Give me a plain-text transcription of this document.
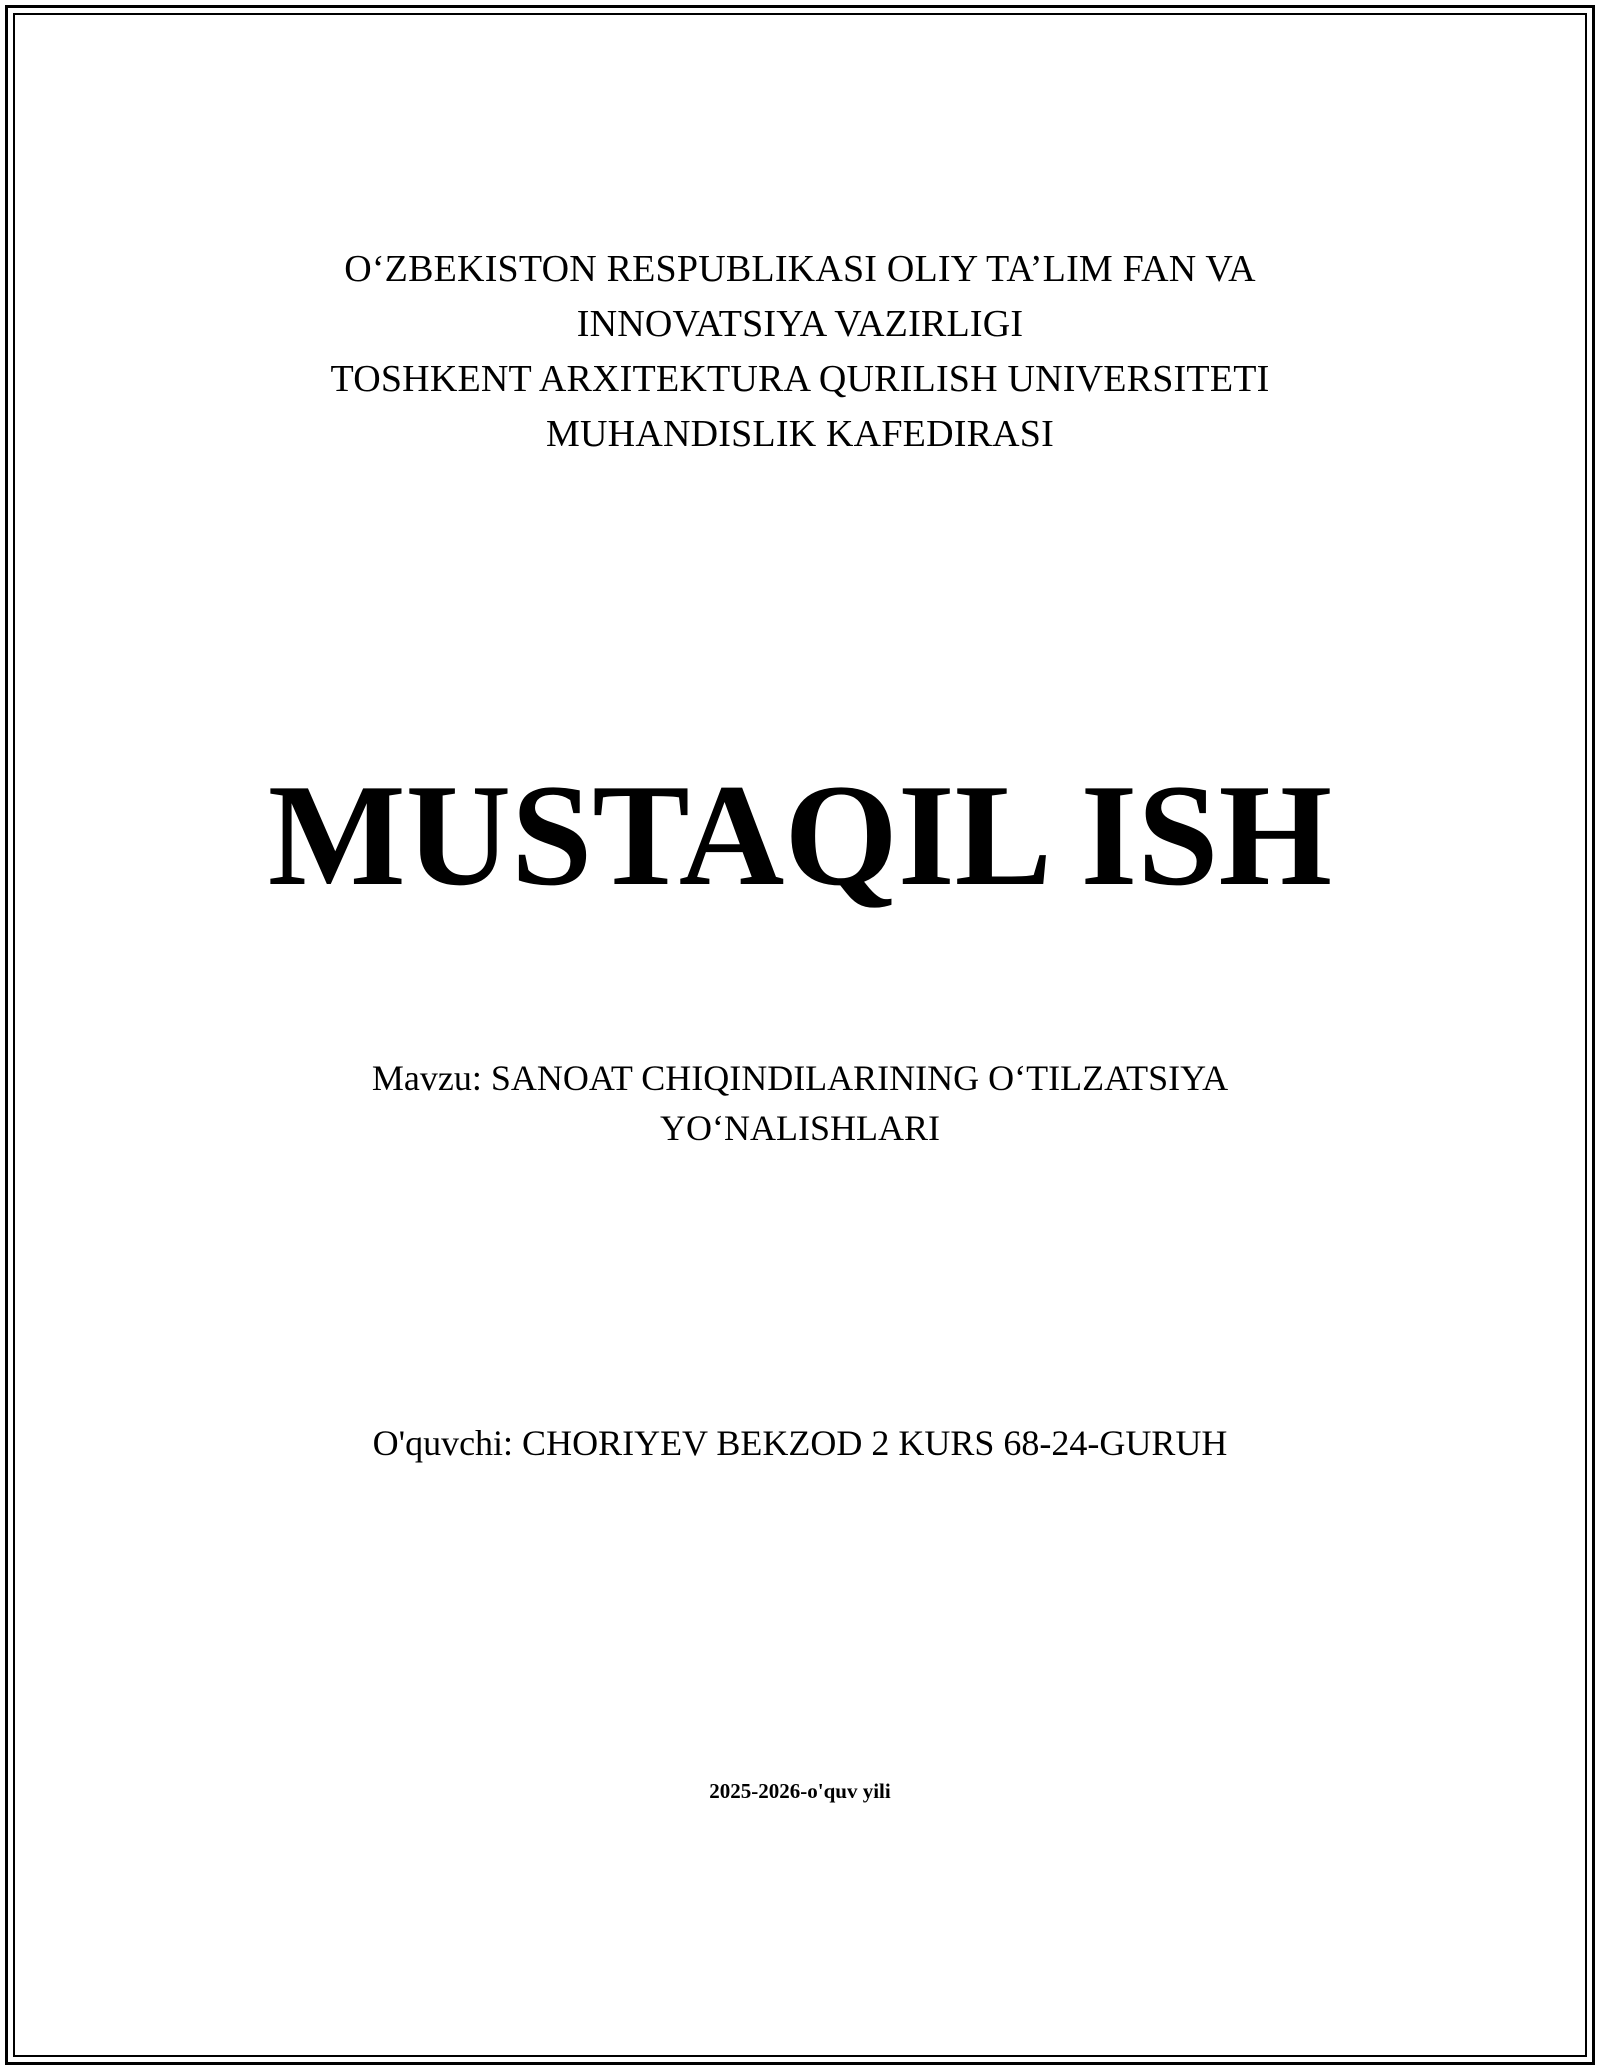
O‘ZBEKISTON RESPUBLIKASI OLIY TA’LIM FAN VA
INNOVATSIYA VAZIRLIGI
TOSHKENT ARXITEKTURA QURILISH UNIVERSITETI
MUHANDISLIK KAFEDIRASI
MUSTAQIL ISH
Mavzu: SANOAT CHIQINDILARINING O‘TILZATSIYA
YO‘NALISHLARI
O'quvchi: CHORIYEV BEKZOD 2 KURS 68-24-GURUH
2025-2026-o'quv yili
